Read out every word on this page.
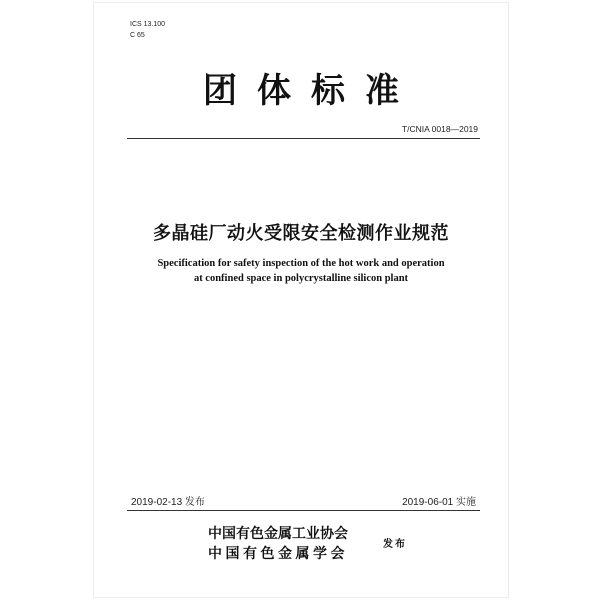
ICS 13.100
C 65
团体标准
T/CNIA 0018—2019
多晶硅厂动火受限安全检测作业规范
Specification for safety inspection of the hot work and operation
at confined space in polycrystalline silicon plant
2019-02-13 发布	2019-06-01 实施
中国有色金属工业协会
中国有色金属学会
发布
